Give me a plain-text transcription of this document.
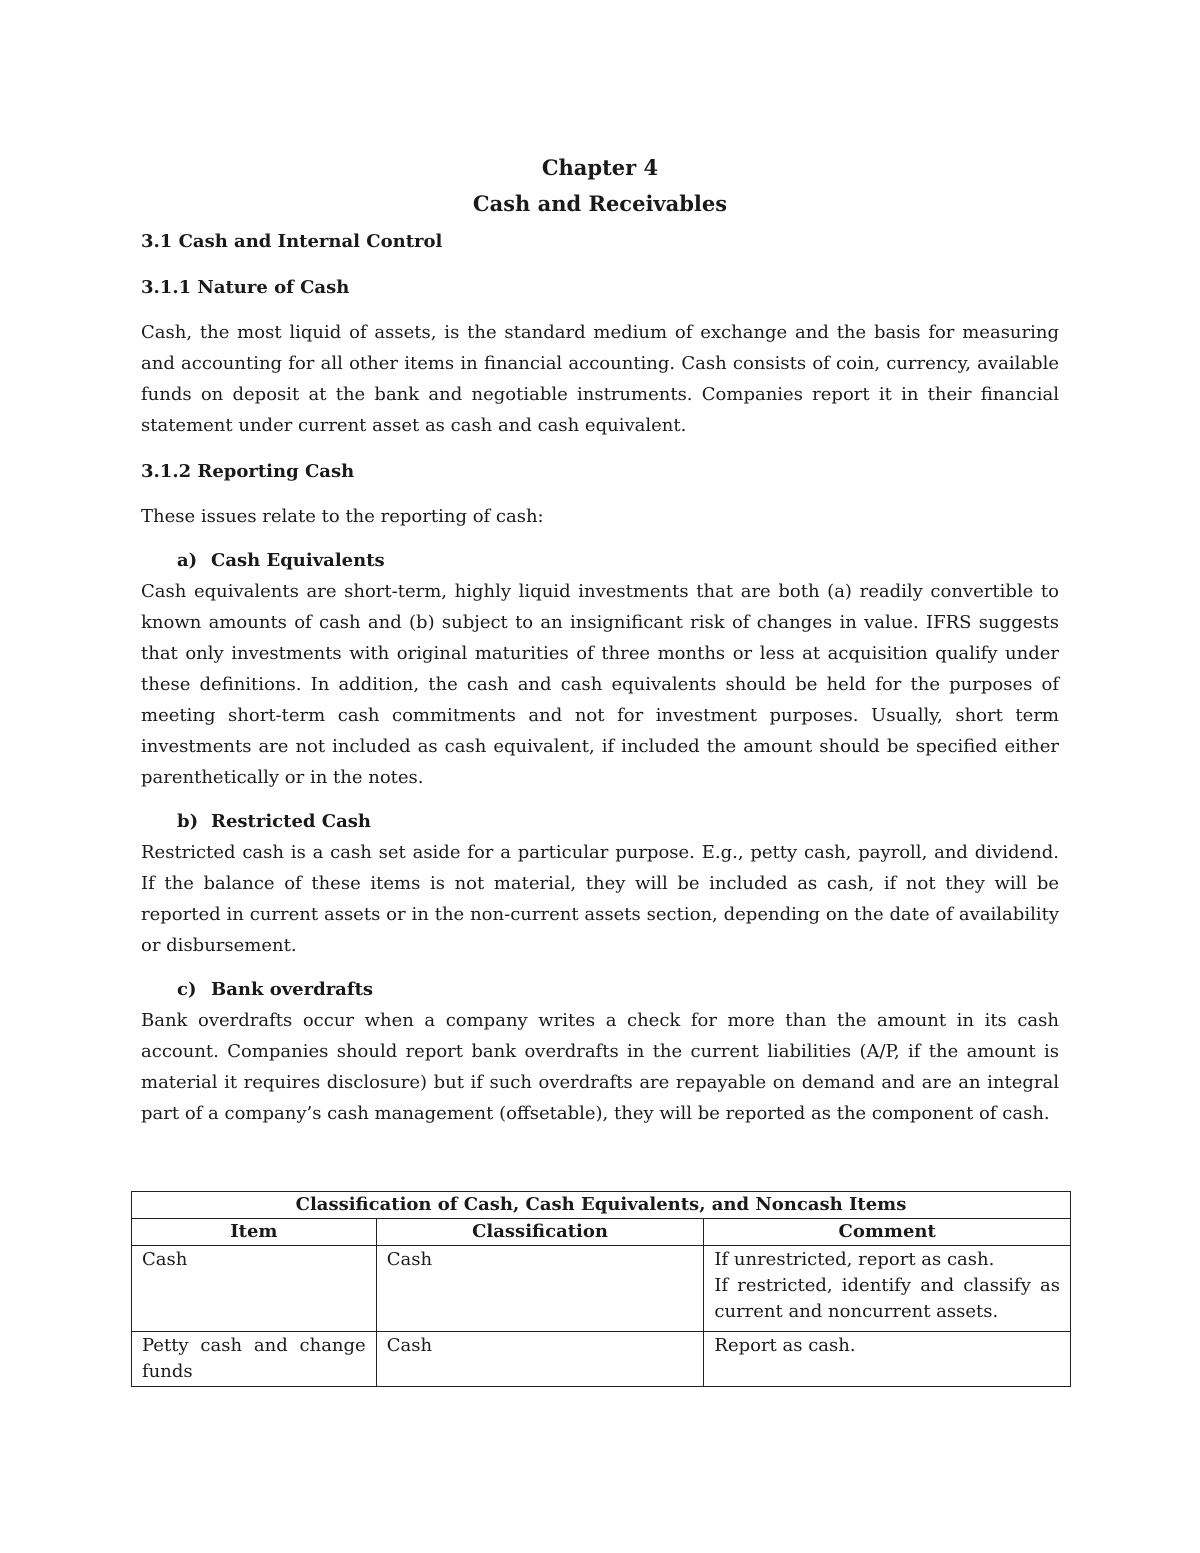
Chapter 4

Cash and Receivables

3.1 Cash and Internal Control
3.1.1 Nature of Cash

Cash, the most liquid of assets, is the standard medium of exchange and the basis for measuring and accounting for all other items in financial accounting. Cash consists of coin, currency, available funds on deposit at the bank and negotiable instruments. Companies report it in their financial statement under current asset as cash and cash equivalent.

3.1.2 Reporting Cash

These issues relate to the reporting of cash:

a) Cash Equivalents

Cash equivalents are short-term, highly liquid investments that are both (a) readily convertible to known amounts of cash and (b) subject to an insignificant risk of changes in value. IFRS suggests that only investments with original maturities of three months or less at acquisition qualify under these definitions. In addition, the cash and cash equivalents should be held for the purposes of meeting short-term cash commitments and not for investment purposes. Usually, short term investments are not included as cash equivalent, if included the amount should be specified either parenthetically or in the notes.

b) Restricted Cash

Restricted cash is a cash set aside for a particular purpose. E.g., petty cash, payroll, and dividend. If the balance of these items is not material, they will be included as cash, if not they will be reported in current assets or in the non-current assets section, depending on the date of availability or disbursement.

c) Bank overdrafts

Bank overdrafts occur when a company writes a check for more than the amount in its cash account. Companies should report bank overdrafts in the current liabilities (A/P, if the amount is material it requires disclosure) but if such overdrafts are repayable on demand and are an integral part of a company’s cash management (offsetable), they will be reported as the component of cash.

Classification of Cash, Cash Equivalents, and Noncash Items		
Item	Classification	Comment
Cash	Cash	If unrestricted, report as cash.
If restricted, identify and classify as current and noncurrent assets.

Petty cash and change funds	Cash	Report as cash.
